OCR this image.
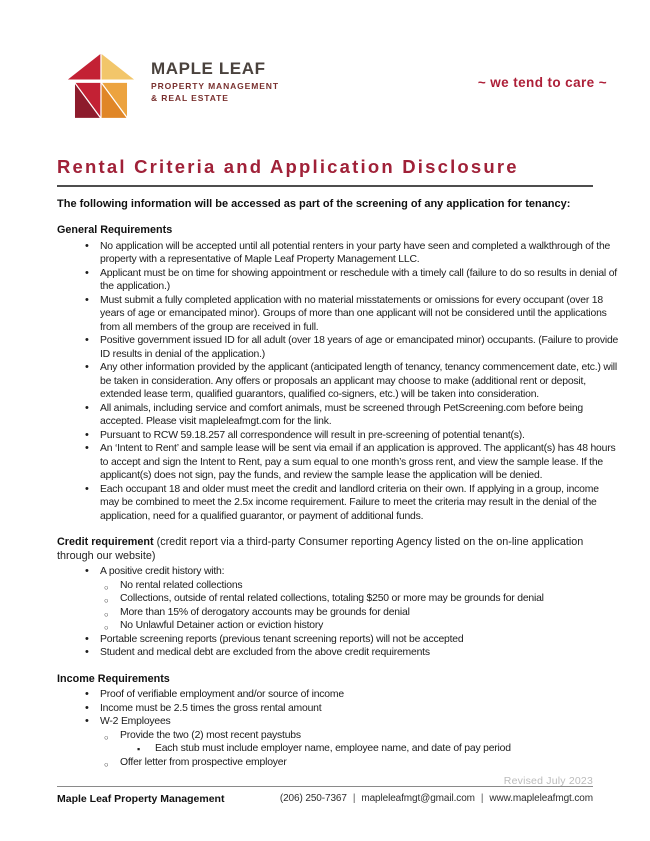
MAPLE LEAF
PROPERTY MANAGEMENT
& REAL ESTATE
~ we tend to care ~
Rental Criteria and Application Disclosure

The following information will be accessed as part of the screening of any application for tenancy:

General Requirements
• No application will be accepted until all potential renters in your party have seen and completed a walkthrough of the property with a representative of Maple Leaf Property Management LLC.
• Applicant must be on time for showing appointment or reschedule with a timely call (failure to do so results in denial of the application.)
• Must submit a fully completed application with no material misstatements or omissions for every occupant (over 18 years of age or emancipated minor). Groups of more than one applicant will not be considered until the applications from all members of the group are received in full.
• Positive government issued ID for all adult (over 18 years of age or emancipated minor) occupants. (Failure to provide ID results in denial of the application.)
• Any other information provided by the applicant (anticipated length of tenancy, tenancy commencement date, etc.) will be taken in consideration. Any offers or proposals an applicant may choose to make (additional rent or deposit, extended lease term, qualified guarantors, qualified co-signers, etc.) will be taken into consideration.
• All animals, including service and comfort animals, must be screened through PetScreening.com before being accepted. Please visit mapleleafmgt.com for the link.
• Pursuant to RCW 59.18.257 all correspondence will result in pre-screening of potential tenant(s).
• An ‘Intent to Rent’ and sample lease will be sent via email if an application is approved. The applicant(s) has 48 hours to accept and sign the Intent to Rent, pay a sum equal to one month’s gross rent, and view the sample lease. If the applicant(s) does not sign, pay the funds, and review the sample lease the application will be denied.
• Each occupant 18 and older must meet the credit and landlord criteria on their own. If applying in a group, income may be combined to meet the 2.5x income requirement. Failure to meet the criteria may result in the denial of the application, need for a qualified guarantor, or payment of additional funds.
Credit requirement (credit report via a third-party Consumer reporting Agency listed on the on-line application through our website)
• A positive credit history with:
○ No rental related collections
○ Collections, outside of rental related collections, totaling $250 or more may be grounds for denial
○ More than 15% of derogatory accounts may be grounds for denial
○ No Unlawful Detainer action or eviction history
• Portable screening reports (previous tenant screening reports) will not be accepted
• Student and medical debt are excluded from the above credit requirements
Income Requirements
• Proof of verifiable employment and/or source of income
• Income must be 2.5 times the gross rental amount
• W-2 Employees
○ Provide the two (2) most recent paystubs
▪ Each stub must include employer name, employee name, and date of pay period
○ Offer letter from prospective employer

Revised July 2023

Maple Leaf Property Management	(206) 250-7367 | mapleleafmgt@gmail.com | www.mapleleafmgt.com
